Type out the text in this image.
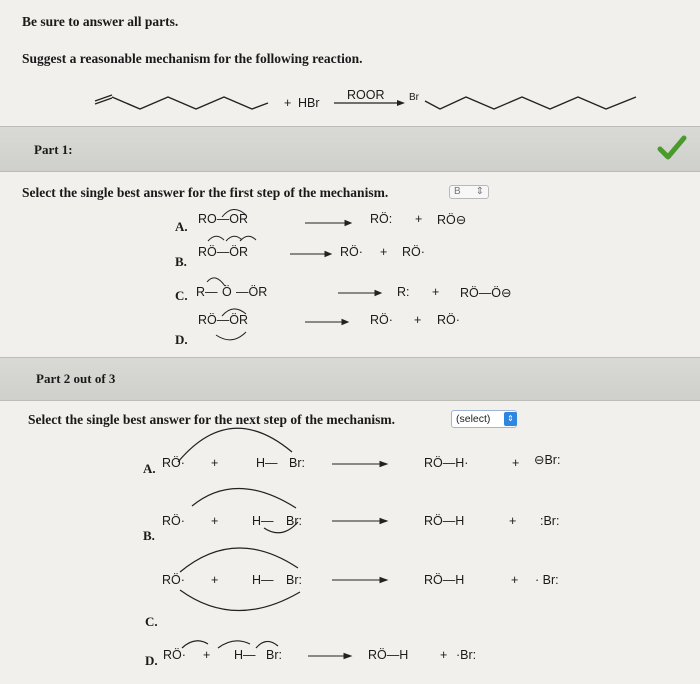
Be sure to answer all parts.
Suggest a reasonable mechanism for the following reaction.
+ HBr
ROOR Br
Part 1:
Select the single best answer for the first step of the mechanism.	B ⇕
A. RO—OR	RÖ: + RÖ⊖
B.
RÖ—ÖR	RÖ· + RÖ·
C. R— Ö —ÖR	R: + RÖ—Ö⊖
D.
RÖ—ÖR	RÖ· + RÖ·
Part 2 out of 3
Select the single best answer for the next step of the mechanism.	(select)	⇕
A. RÖ· +	H— Br:	RÖ—H·	+ ⊖Br:
B.
RÖ· +	H— Br:	RÖ—H	+ :Br:
C.
RÖ· +	H— Br:	RÖ—H	+ · Br:
D. RÖ· + H— Br:	RÖ—H	+ ·Br:
